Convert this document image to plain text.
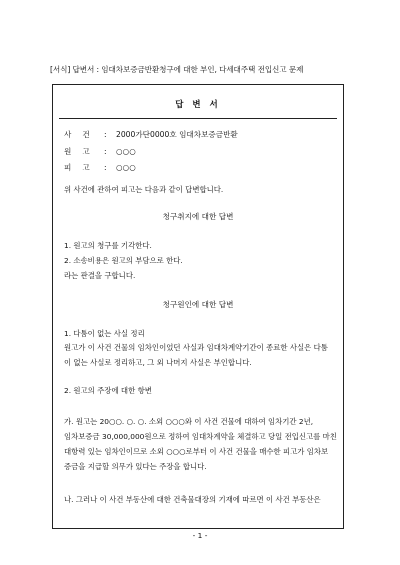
[서식] 답변서 : 임대차보증금반환청구에 대한 부인, 다세대주택 전입신고 문제
답 변 서
사건 : 2000가단0000호 임대차보증금반환
원고 : ○○○
피고 : ○○○
위 사건에 관하여 피고는 다음과 같이 답변합니다.
청구취지에 대한 답변
1. 원고의 청구를 기각한다.
2. 소송비용은 원고의 부담으로 한다.
라는 판결을 구합니다.
청구원인에 대한 답변
1. 다툼이 없는 사실 정리
원고가 이 사건 건물의 임차인이었던 사실과 임대차계약기간이 종료한 사실은 다툼
이 없는 사실로 정리하고, 그 외 나머지 사실은 부인합니다.
2. 원고의 주장에 대한 항변
가. 원고는 20○○. ○. ○. 소외 ○○○와 이 사건 건물에 대하여 임차기간 2년,
임차보증금 30,000,000원으로 정하여 임대차계약을 체결하고 당일 전입신고를 마친
대항력 있는 임차인이므로 소외 ○○○로부터 이 사건 건물을 매수한 피고가 임차보
증금을 지급할 의무가 있다는 주장을 합니다.
나. 그러나 이 사건 부동산에 대한 건축물대장의 기재에 따르면 이 사건 부동산은
- 1 -
